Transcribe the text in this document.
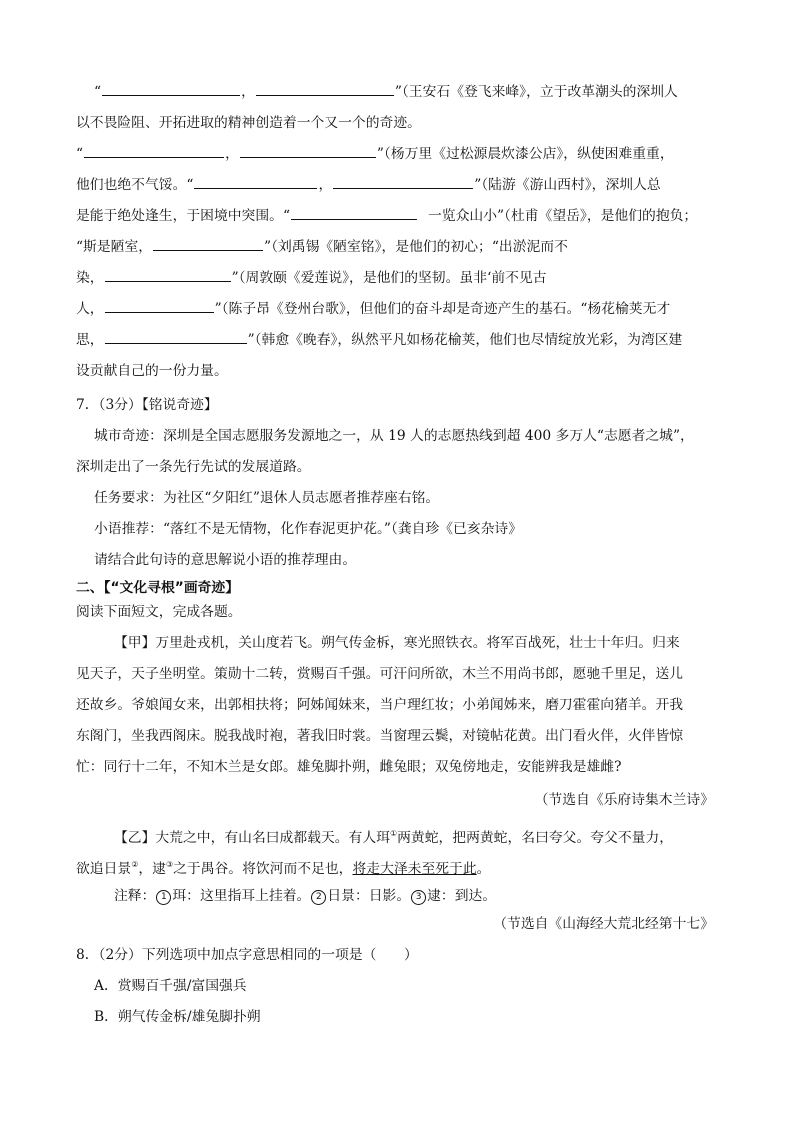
“	，	”（王安石《登飞来峰》，立于改革潮头的深圳人
以不畏险阻、开拓进取的精神创造着一个又一个的奇迹。
“	，	”（杨万里《过松源晨炊漆公店》，纵使困难重重，
他们也绝不气馁。“	，	”（陆游《游山西村》，深圳人总
是能于绝处逢生，于困境中突围。“	一览众山小”（杜甫《望岳》，是他们的抱负；
“斯是陋室，	”（刘禹锡《陋室铭》，是他们的初心；“出淤泥而不
染，	”（周敦颐《爱莲说》，是他们的坚韧。虽非‘前不见古
人，	”（陈子昂《登州台歌》，但他们的奋斗却是奇迹产生的基石。“杨花榆荚无才
思，	”（韩愈《晚春》，纵然平凡如杨花榆荚，他们也尽情绽放光彩，为湾区建
设贡献自己的一份力量。
7．（3分）【铭说奇迹】
城市奇迹：深圳是全国志愿服务发源地之一，从 19 人的志愿热线到超 400 多万人“志愿者之城”，
深圳走出了一条先行先试的发展道路。
任务要求：为社区“夕阳红”退休人员志愿者推荐座右铭。
小语推荐：“落红不是无情物，化作春泥更护花。”（龚自珍《已亥杂诗》
请结合此句诗的意思解说小语的推荐理由。
二、【“文化寻根”画奇迹】
阅读下面短文，完成各题。
【甲】万里赴戎机，关山度若飞。朔气传金柝，寒光照铁衣。将军百战死，壮士十年归。归来
见天子，天子坐明堂。策勋十二转，赏赐百千强。可汗问所欲，木兰不用尚书郎，愿驰千里足，送儿
还故乡。爷娘闻女来，出郭相扶将；阿姊闻妹来，当户理红妆；小弟闻姊来，磨刀霍霍向猪羊。开我
东阁门，坐我西阁床。脱我战时袍，著我旧时裳。当窗理云鬓，对镜帖花黄。出门看火伴，火伴皆惊
忙：同行十二年，不知木兰是女郎。雄兔脚扑朔，雌兔眼；双兔傍地走，安能辨我是雄雌?
（节选自《乐府诗集木兰诗》
【乙】大荒之中，有山名曰成都载天。有人珥①两黄蛇，把两黄蛇，名曰夸父。夸父不量力，
欲追日景②，逮③之于禺谷。将饮河而不足也，将走大泽未至死于此。
注释： 1 珥：这里指耳上挂着。 2 日景：日影。 3 逮：到达。
（节选自《山海经大荒北经第十七》
8．（2分）下列选项中加点字意思相同的一项是（　　）
A．赏赐百千强/富国强兵
B．朔气传金柝/雄兔脚扑朔
